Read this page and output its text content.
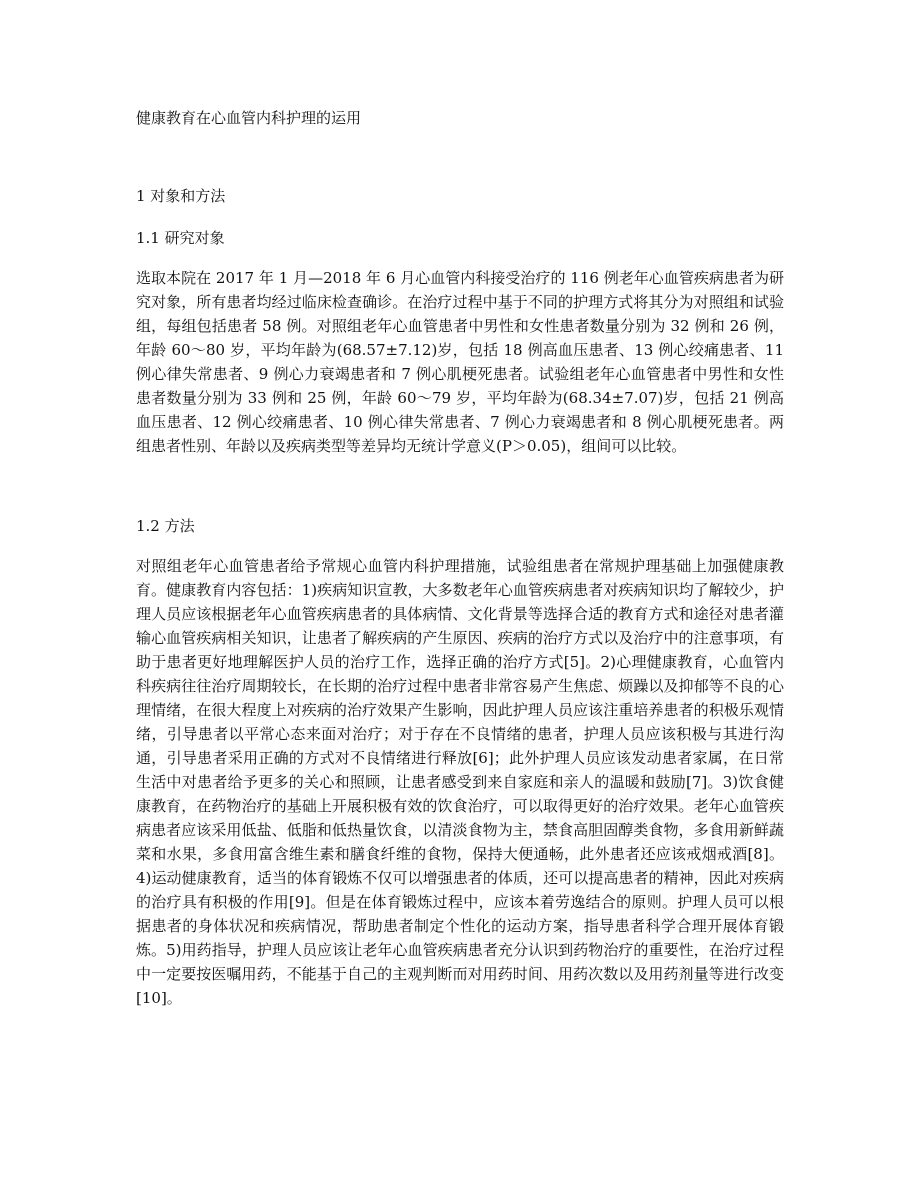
健康教育在心血管内科护理的运用
1 对象和方法
1.1 研究对象

选取本院在 2017 年 1 月—2018 年 6 月心血管内科接受治疗的 116 例老年心血管疾病患者为研究对象，所有患者均经过临床检查确诊。在治疗过程中基于不同的护理方式将其分为对照组和试验组，每组包括患者 58 例。对照组老年心血管患者中男性和女性患者数量分别为 32 例和 26 例，年龄 60～80 岁，平均年龄为(68.57±7.12)岁，包括 18 例高血压患者、13 例心绞痛患者、11 例心律失常患者、9 例心力衰竭患者和 7 例心肌梗死患者。试验组老年心血管患者中男性和女性患者数量分别为 33 例和 25 例，年龄 60～79 岁，平均年龄为(68.34±7.07)岁，包括 21 例高血压患者、12 例心绞痛患者、10 例心律失常患者、7 例心力衰竭患者和 8 例心肌梗死患者。两组患者性别、年龄以及疾病类型等差异均无统计学意义(P＞0.05)，组间可以比较。

1.2 方法

对照组老年心血管患者给予常规心血管内科护理措施，试验组患者在常规护理基础上加强健康教育。健康教育内容包括：1)疾病知识宣教，大多数老年心血管疾病患者对疾病知识均了解较少，护理人员应该根据老年心血管疾病患者的具体病情、文化背景等选择合适的教育方式和途径对患者灌输心血管疾病相关知识，让患者了解疾病的产生原因、疾病的治疗方式以及治疗中的注意事项，有助于患者更好地理解医护人员的治疗工作，选择正确的治疗方式[5]。2)心理健康教育，心血管内科疾病往往治疗周期较长，在长期的治疗过程中患者非常容易产生焦虑、烦躁以及抑郁等不良的心理情绪，在很大程度上对疾病的治疗效果产生影响，因此护理人员应该注重培养患者的积极乐观情绪，引导患者以平常心态来面对治疗；对于存在不良情绪的患者，护理人员应该积极与其进行沟通，引导患者采用正确的方式对不良情绪进行释放[6]；此外护理人员应该发动患者家属，在日常生活中对患者给予更多的关心和照顾，让患者感受到来自家庭和亲人的温暖和鼓励[7]。3)饮食健康教育，在药物治疗的基础上开展积极有效的饮食治疗，可以取得更好的治疗效果。老年心血管疾病患者应该采用低盐、低脂和低热量饮食，以清淡食物为主，禁食高胆固醇类食物，多食用新鲜蔬菜和水果，多食用富含维生素和膳食纤维的食物，保持大便通畅，此外患者还应该戒烟戒酒[8]。4)运动健康教育，适当的体育锻炼不仅可以增强患者的体质，还可以提高患者的精神，因此对疾病的治疗具有积极的作用[9]。但是在体育锻炼过程中，应该本着劳逸结合的原则。护理人员可以根据患者的身体状况和疾病情况，帮助患者制定个性化的运动方案，指导患者科学合理开展体育锻炼。5)用药指导，护理人员应该让老年心血管疾病患者充分认识到药物治疗的重要性，在治疗过程中一定要按医嘱用药，不能基于自己的主观判断而对用药时间、用药次数以及用药剂量等进行改变[10]。
